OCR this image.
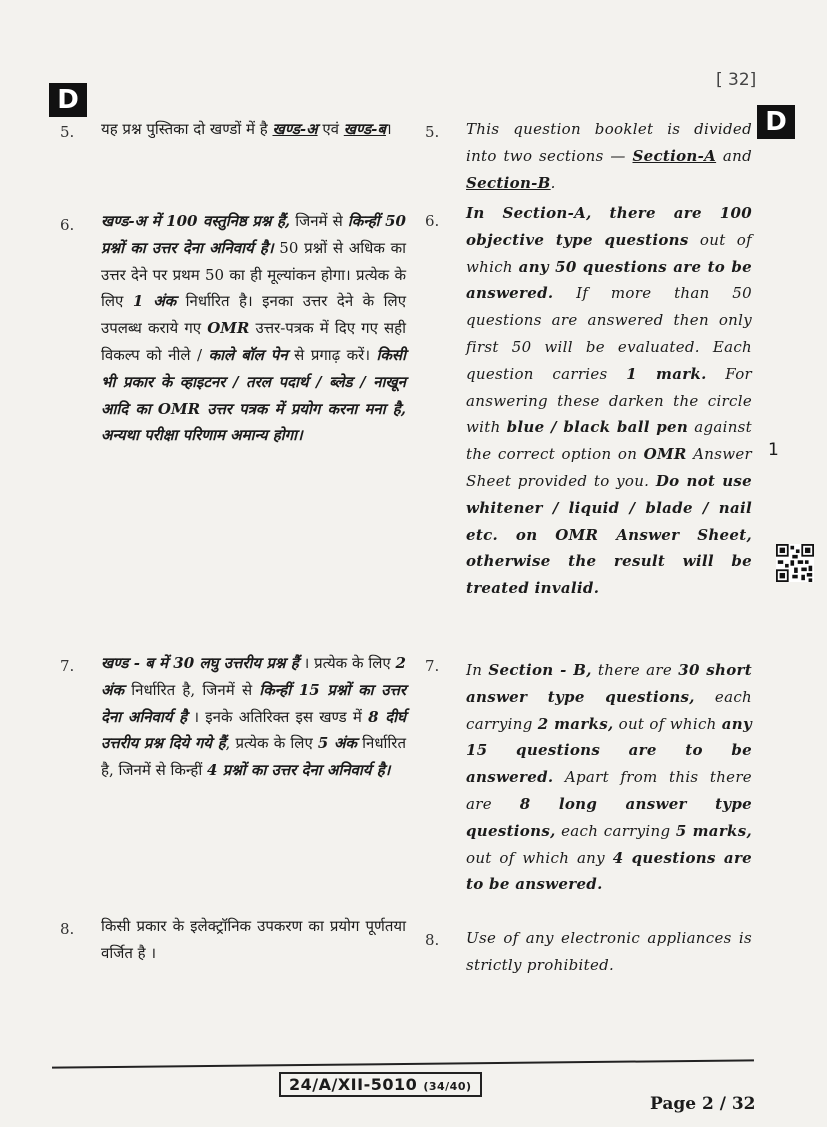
D
D
[ 32]
5. यह प्रश्न पुस्तिका दो खण्डों में है खण्ड-अ एवं खण्ड-ब।	5. This question booklet is divided into two sections — Section-A and Section-B.
6. खण्ड-अ में 100 वस्तुनिष्ठ प्रश्न हैं, जिनमें से किन्हीं 50 प्रश्नों का उत्तर देना अनिवार्य है। 50 प्रश्नों से अधिक का उत्तर देने पर प्रथम 50 का ही मूल्यांकन होगा। प्रत्येक के लिए 1 अंक निर्धारित है। इनका उत्तर देने के लिए उपलब्ध कराये गए OMR उत्तर-पत्रक में दिए गए सही विकल्प को नीले / काले बॉल पेन से प्रगाढ़ करें। किसी भी प्रकार के व्हाइटनर / तरल पदार्थ / ब्लेड / नाखून आदि का OMR उत्तर पत्रक में प्रयोग करना मना है, अन्यथा परीक्षा परिणाम अमान्य होगा।
6. In Section-A, there are 100 objective type questions out of which any 50 questions are to be answered. If more than 50 questions are answered then only first 50 will be evaluated. Each question carries 1 mark. For answering these darken the circle with blue / black ball pen against the correct option on OMR Answer Sheet provided to you. Do not use whitener / liquid / blade / nail etc. on OMR Answer Sheet, otherwise the result will be treated invalid.
1
7. खण्ड - ब में 30 लघु उत्तरीय प्रश्न हैं । प्रत्येक के लिए 2 अंक निर्धारित है, जिनमें से किन्हीं 15 प्रश्नों का उत्तर देना अनिवार्य है । इनके अतिरिक्त इस खण्ड में 8 दीर्घ उत्तरीय प्रश्न दिये गये हैं, प्रत्येक के लिए 5 अंक निर्धारित है, जिनमें से किन्हीं 4 प्रश्नों का उत्तर देना अनिवार्य है।
7. In Section - B, there are 30 short answer type questions, each carrying 2 marks, out of which any 15 questions are to be answered. Apart from this there are 8 long answer type questions, each carrying 5 marks, out of which any 4 questions are to be answered.
8. किसी प्रकार के इलेक्ट्रॉनिक उपकरण का प्रयोग पूर्णतया वर्जित है ।
8. Use of any electronic appliances is strictly prohibited.
24/A/XII-5010 (34/40)
Page 2 / 32
